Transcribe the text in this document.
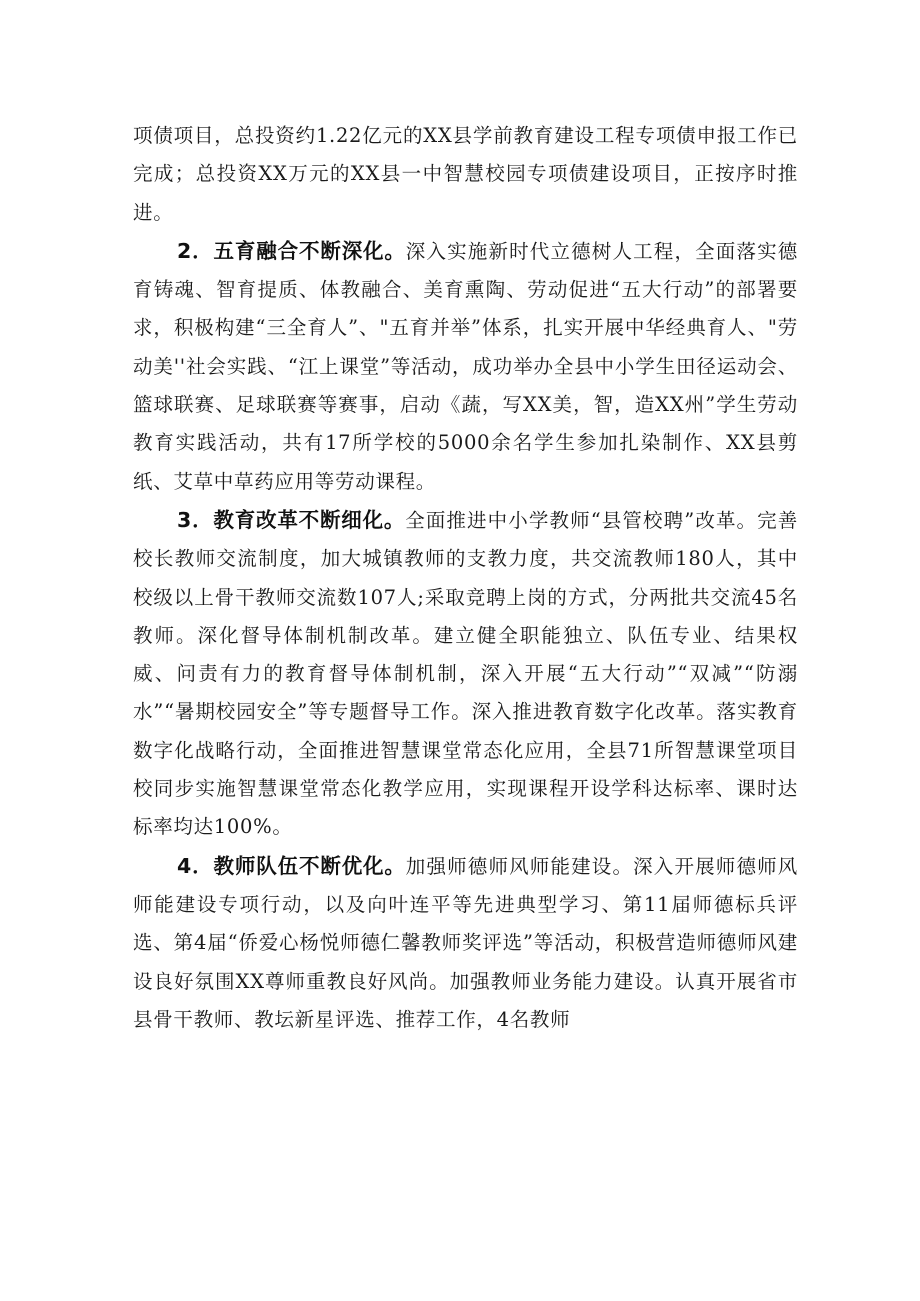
项债项目，总投资约1.22亿元的XX县学前教育建设工程专项债申报工作已完成；总投资XX万元的XX县一中智慧校园专项债建设项目，正按序时推进。

2．五育融合不断深化。深入实施新时代立德树人工程，全面落实德育铸魂、智育提质、体教融合、美育熏陶、劳动促进“五大行动”的部署要求，积极构建“三全育人”、"五育并举”体系，扎实开展中华经典育人、"劳动美''社会实践、“江上课堂”等活动，成功举办全县中小学生田径运动会、篮球联赛、足球联赛等赛事，启动《蔬，写XX美，智，造XX州”学生劳动教育实践活动，共有17所学校的5000余名学生参加扎染制作、XX县剪纸、艾草中草药应用等劳动课程。

3．教育改革不断细化。全面推进中小学教师“县管校聘”改革。完善校长教师交流制度，加大城镇教师的支教力度，共交流教师180人，其中校级以上骨干教师交流数107人;采取竞聘上岗的方式，分两批共交流45名教师。深化督导体制机制改革。建立健全职能独立、队伍专业、结果权威、问责有力的教育督导体制机制，深入开展“五大行动”“双减”“防溺水”“暑期校园安全”等专题督导工作。深入推进教育数字化改革。落实教育数字化战略行动，全面推进智慧课堂常态化应用，全县71所智慧课堂项目校同步实施智慧课堂常态化教学应用，实现课程开设学科达标率、课时达标率均达100%。

4．教师队伍不断优化。加强师德师风师能建设。深入开展师德师风师能建设专项行动，以及向叶连平等先进典型学习、第11届师德标兵评选、第4届“侨爱心杨悦师德仁馨教师奖评选”等活动，积极营造师德师风建设良好氛围XX尊师重教良好风尚。加强教师业务能力建设。认真开展省市县骨干教师、教坛新星评选、推荐工作，4名教师
